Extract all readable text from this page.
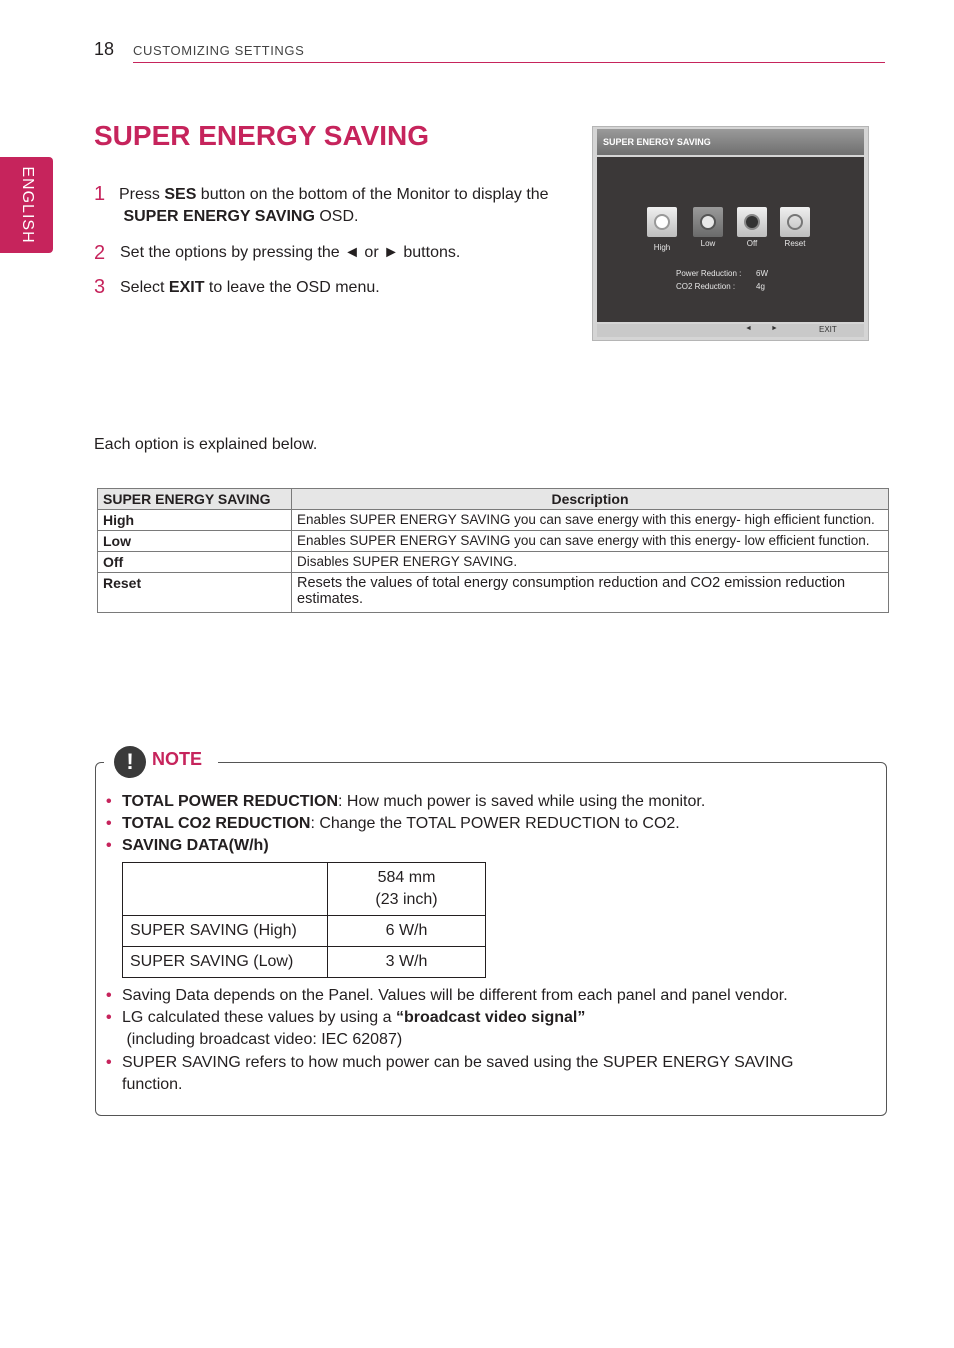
18 CUSTOMIZING SETTINGS
ENGLISH
SUPER ENERGY SAVING
1 Press SES button on the bottom of the Monitor to display the
SUPER ENERGY SAVING OSD.
2 Set the options by pressing the ◄ or ► buttons.
3 Select EXIT to leave the OSD menu.
SUPER ENERGY SAVING
High	Low	Off	Reset
Power Reduction : 6W
CO2 Reduction :	4g
◄	►	EXIT
Each option is explained below.
SUPER ENERGY SAVING	Description
High	Enables SUPER ENERGY SAVING you can save energy with this energy- high efficient function.
Low	Enables SUPER ENERGY SAVING you can save energy with this energy- low efficient function.
Off	Disables SUPER ENERGY SAVING.
Reset	Resets the values of total energy consumption reduction and CO2 emission reduction estimates.
!	NOTE
• TOTAL POWER REDUCTION: How much power is saved while using the monitor.
• TOTAL CO2 REDUCTION: Change the TOTAL POWER REDUCTION to CO2.
• SAVING DATA(W/h)
	584 mm
(23 inch)
SUPER SAVING (High)	6 W/h
SUPER SAVING (Low)	3 W/h
• Saving Data depends on the Panel. Values will be different from each panel and panel vendor.
• LG calculated these values by using a “broadcast video signal”
(including broadcast video: IEC 62087)
• SUPER SAVING refers to how much power can be saved using the SUPER ENERGY SAVING
function.
